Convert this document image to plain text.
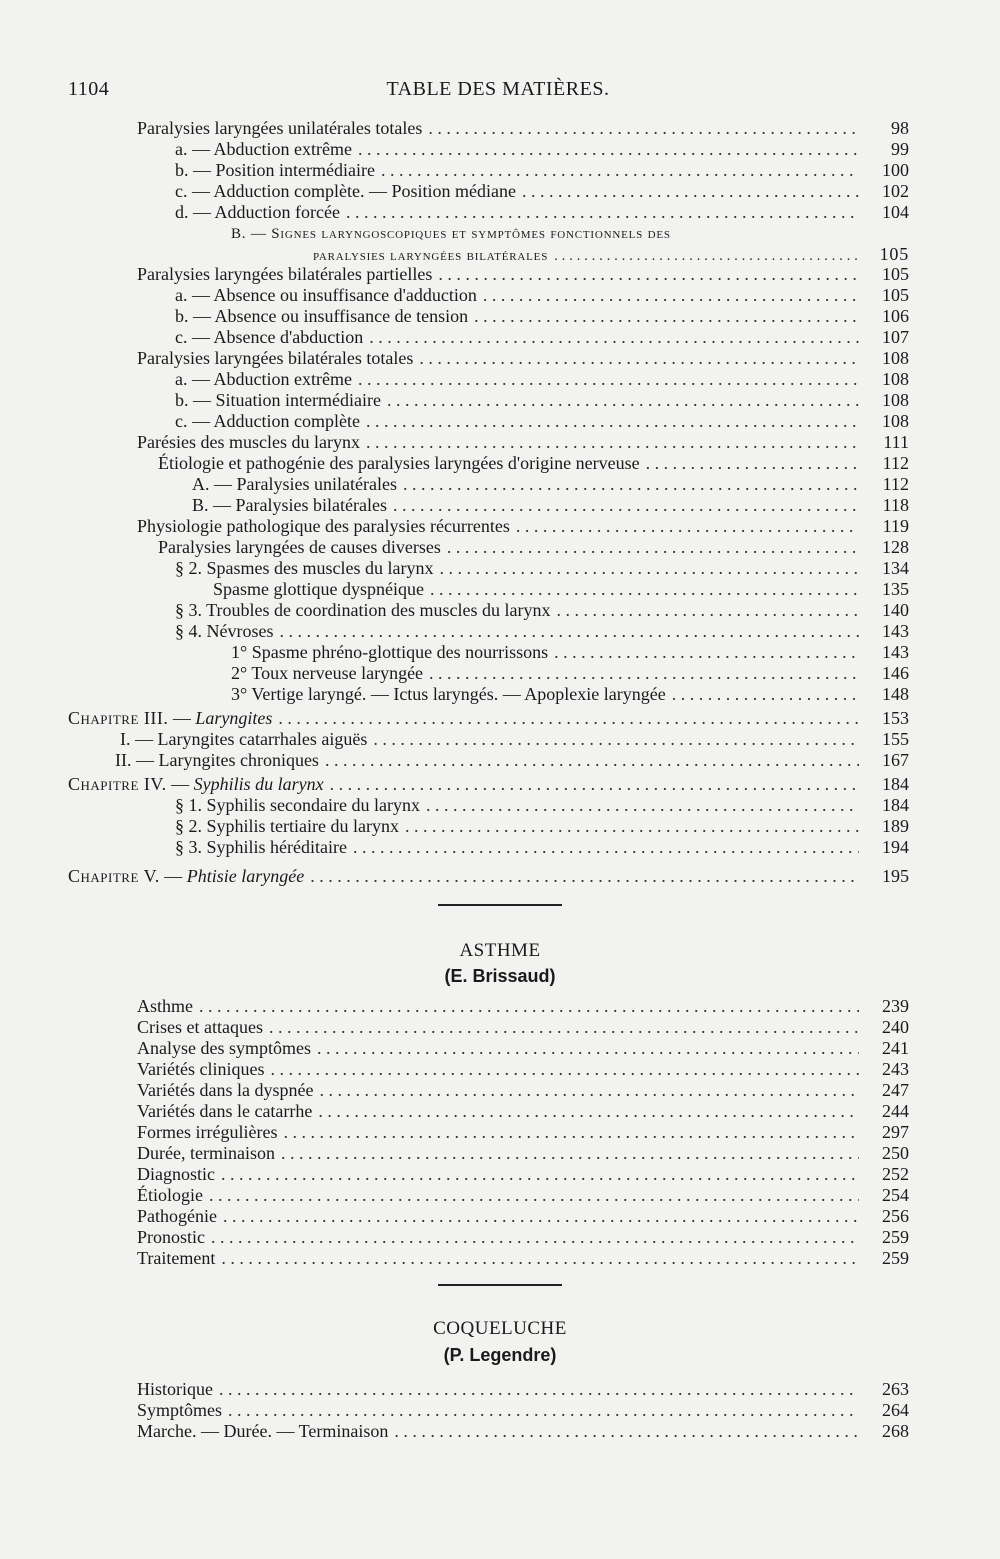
1104	TABLE DES MATIÈRES.
Paralysies laryngées unilatérales totales . . .	98
a. — Abduction extrême . . .	99
b. — Position intermédiaire . . .	100
c. — Adduction complète. — Position médiane . . .	102
d. — Adduction forcée . . .	104
B. — Signes laryngoscopiques et symptômes fonctionnels des
paralysies laryngées bilatérales . . .	105
Paralysies laryngées bilatérales partielles . . .	105
a. — Absence ou insuffisance d'adduction . . .	105
b. — Absence ou insuffisance de tension . . .	106
c. — Absence d'abduction . . .	107
Paralysies laryngées bilatérales totales . . .	108
a. — Abduction extrême . . .	108
b. — Situation intermédiaire . . .	108
c. — Adduction complète . . .	108
Parésies des muscles du larynx . . .	111
Étiologie et pathogénie des paralysies laryngées d'origine nerveuse . . .	112
A. — Paralysies unilatérales . . .	112
B. — Paralysies bilatérales . . .	118
Physiologie pathologique des paralysies récurrentes . . .	119
Paralysies laryngées de causes diverses . . .	128
§ 2. Spasmes des muscles du larynx . . .	134
Spasme glottique dyspnéique . . .	135
§ 3. Troubles de coordination des muscles du larynx . . .	140
§ 4. Névroses . . .	143
1° Spasme phréno-glottique des nourrissons . . .	143
2° Toux nerveuse laryngée . . .	146
3° Vertige laryngé. — Ictus laryngés. — Apoplexie laryngée . . .	148
Chapitre III. — Laryngites . . .	153
I. — Laryngites catarrhales aiguës . . .	155
II. — Laryngites chroniques . . .	167
Chapitre IV. — Syphilis du larynx . . .	184
§ 1. Syphilis secondaire du larynx . . .	184
§ 2. Syphilis tertiaire du larynx . . .	189
§ 3. Syphilis héréditaire . . .	194
Chapitre V. — Phtisie laryngée . . .	195
ASTHME
(E. Brissaud)
Asthme . . .	239
Crises et attaques . . .	240
Analyse des symptômes . . .	241
Variétés cliniques . . .	243
Variétés dans la dyspnée . . .	247
Variétés dans le catarrhe . . .	244
Formes irrégulières . . .	297
Durée, terminaison . . .	250
Diagnostic . . .	252
Étiologie . . .	254
Pathogénie . . .	256
Pronostic . . .	259
Traitement . . .	259
COQUELUCHE
(P. Legendre)
Historique . . .	263
Symptômes . . .	264
Marche. — Durée. — Terminaison . . .	268
